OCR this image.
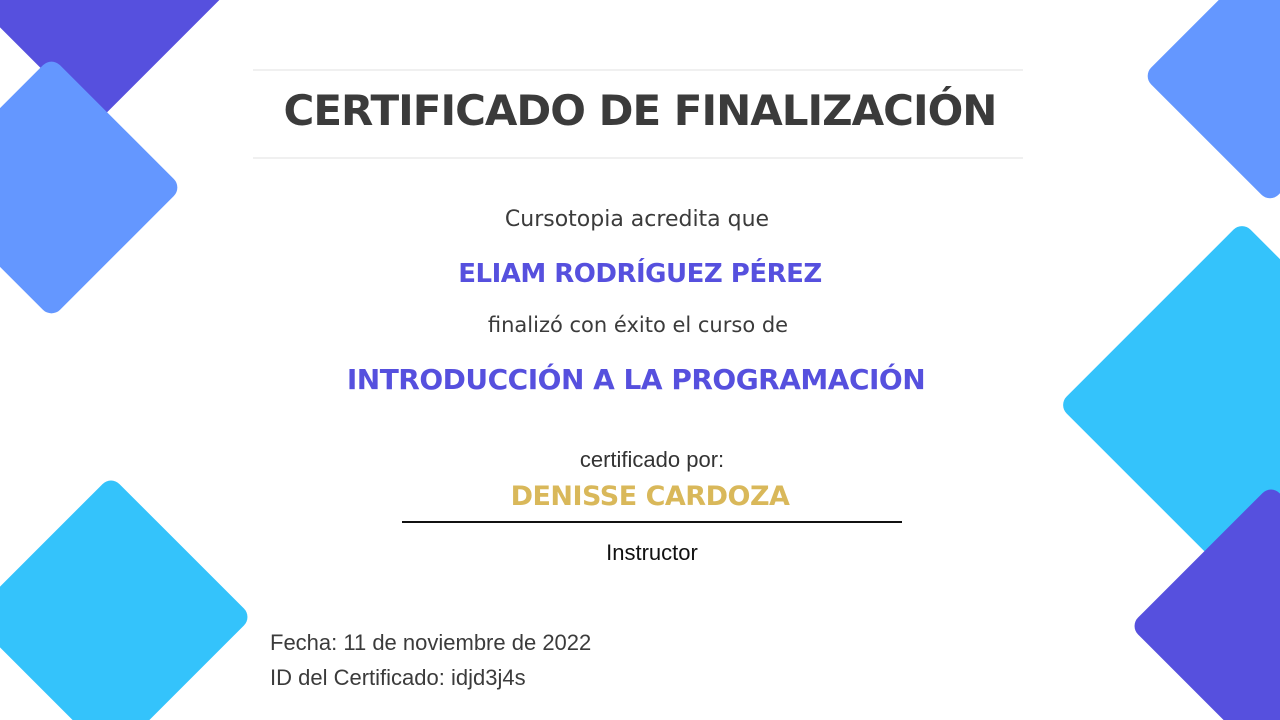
CERTIFICADO DE FINALIZACIÓN
Cursotopia acredita que
ELIAM RODRÍGUEZ PÉREZ
finalizó con éxito el curso de
INTRODUCCIÓN A LA PROGRAMACIÓN
certificado por:
DENISSE CARDOZA
Instructor
Fecha: 11 de noviembre de 2022
ID del Certificado: idjd3j4s
